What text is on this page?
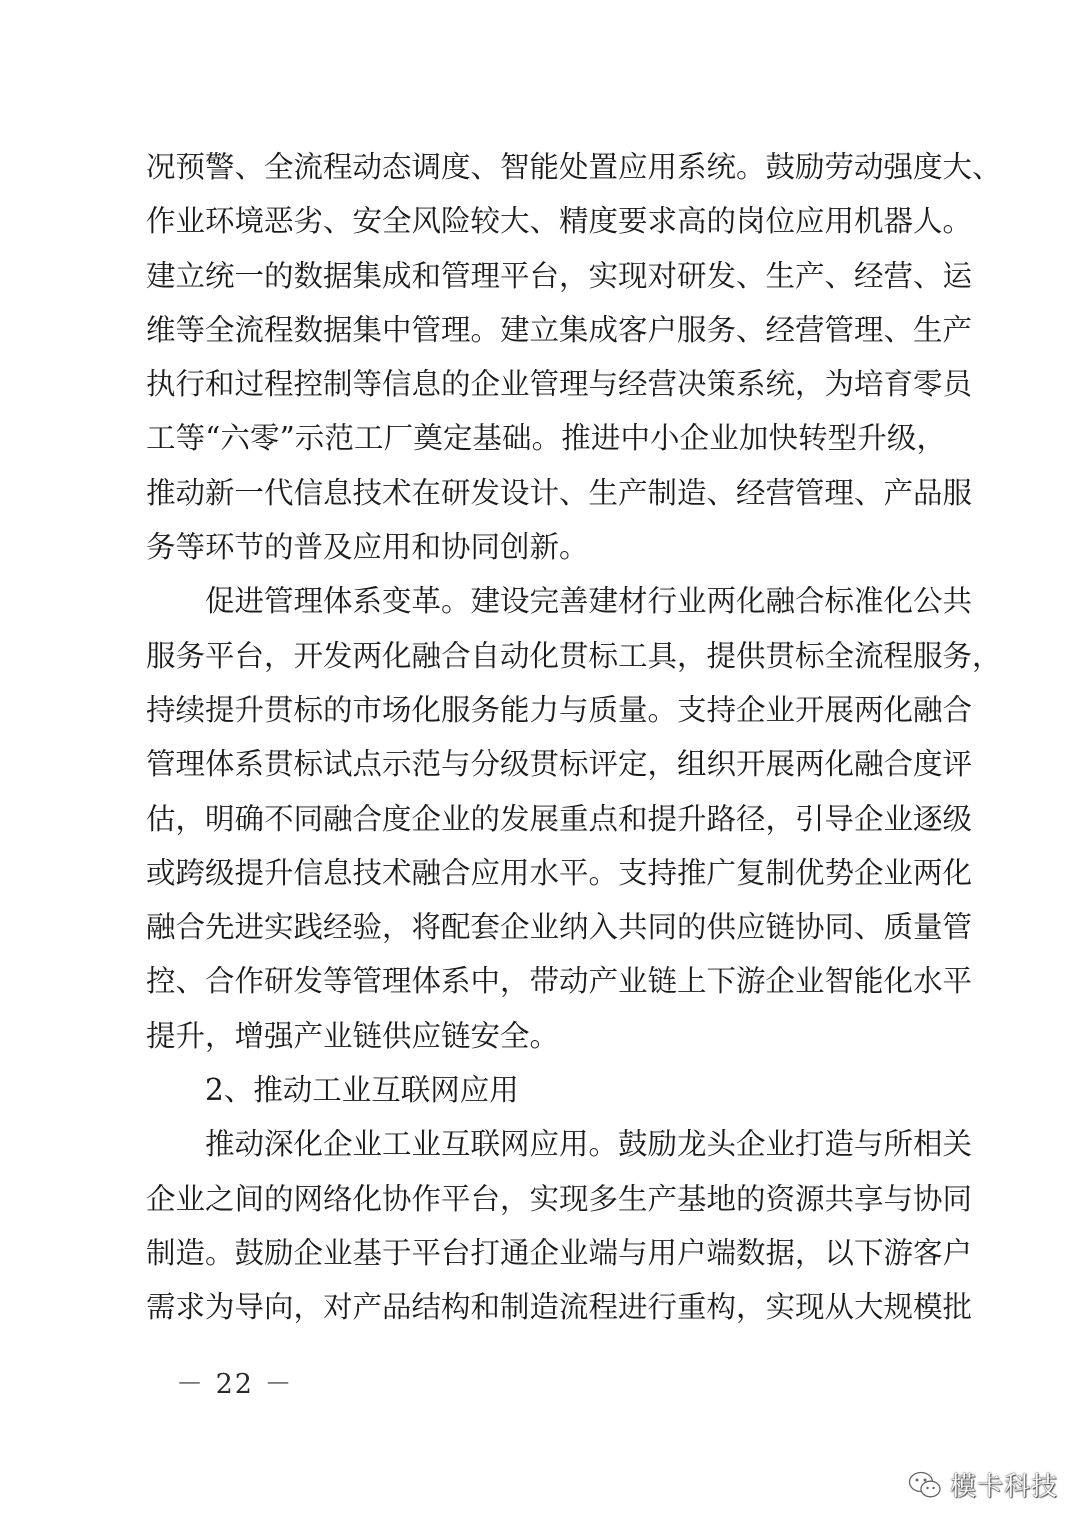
况预警、全流程动态调度、智能处置应用系统。鼓励劳动强度大、
作业环境恶劣、安全风险较大、精度要求高的岗位应用机器人。
建立统一的数据集成和管理平台，实现对研发、生产、经营、运
维等全流程数据集中管理。建立集成客户服务、经营管理、生产
执行和过程控制等信息的企业管理与经营决策系统，为培育零员
工等“六零”示范工厂奠定基础。推进中小企业加快转型升级，
推动新一代信息技术在研发设计、生产制造、经营管理、产品服
务等环节的普及应用和协同创新。
促进管理体系变革。建设完善建材行业两化融合标准化公共
服务平台，开发两化融合自动化贯标工具，提供贯标全流程服务，
持续提升贯标的市场化服务能力与质量。支持企业开展两化融合
管理体系贯标试点示范与分级贯标评定，组织开展两化融合度评
估，明确不同融合度企业的发展重点和提升路径，引导企业逐级
或跨级提升信息技术融合应用水平。支持推广复制优势企业两化
融合先进实践经验，将配套企业纳入共同的供应链协同、质量管
控、合作研发等管理体系中，带动产业链上下游企业智能化水平
提升，增强产业链供应链安全。
2、推动工业互联网应用
推动深化企业工业互联网应用。鼓励龙头企业打造与所相关
企业之间的网络化协作平台，实现多生产基地的资源共享与协同
制造。鼓励企业基于平台打通企业端与用户端数据，以下游客户
需求为导向，对产品结构和制造流程进行重构，实现从大规模批
－ 22 －
模卡科技
